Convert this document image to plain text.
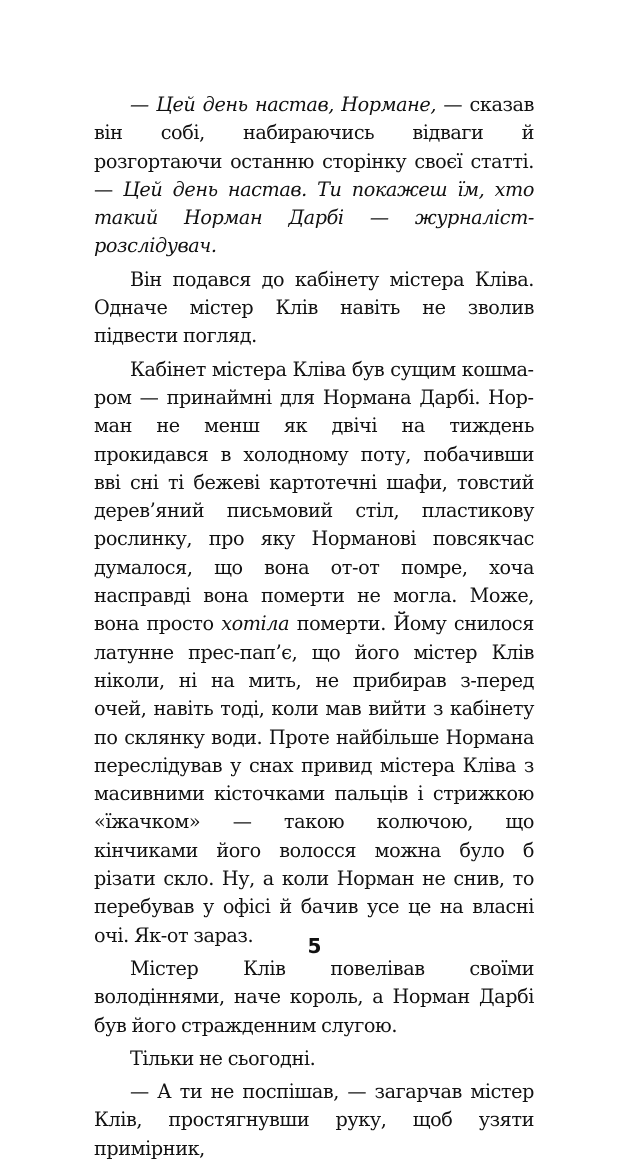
— Цей день настав, Нормане, — сказав він собі, набираючись відваги й розгортаючи останню сторінку своєї статті. — Цей день настав. Ти покажеш їм, хто такий Норман Дарбі — журналіст-розслідувач.

Він подався до кабінету містера Кліва. Одначе містер Клів навіть не зволив підвести погляд.

Кабінет містера Кліва був сущим кошмаром — принаймні для Нормана Дарбі. Норман не менш як двічі на тиждень прокидався в холодному поту, побачивши вві сні ті бежеві картотечні шафи, товстий дерев’яний письмовий стіл, пластикову рослинку, про яку Норманові повсякчас думалося, що вона от-от помре, хоча насправді вона померти не могла. Може, вона просто хотіла померти. Йому снилося латунне прес-пап’є, що його містер Клів ніколи, ні на мить, не прибирав з-перед очей, навіть тоді, коли мав вийти з кабінету по склянку води. Проте найбільше Нормана переслідував у снах привид містера Кліва з масивними кісточками пальців і стрижкою «їжачком» — такою колючою, що кінчиками його волосся можна було б різати скло. Ну, а коли Норман не снив, то перебував у офісі й бачив усе це на власні очі. Як-от зараз.

Містер Клів повелівав своїми володіннями, наче король, а Норман Дарбі був його стражденним слугою.

Тільки не сьогодні.

— А ти не поспішав, — загарчав містер Клів, простягнувши руку, щоб узяти примірник,

5
